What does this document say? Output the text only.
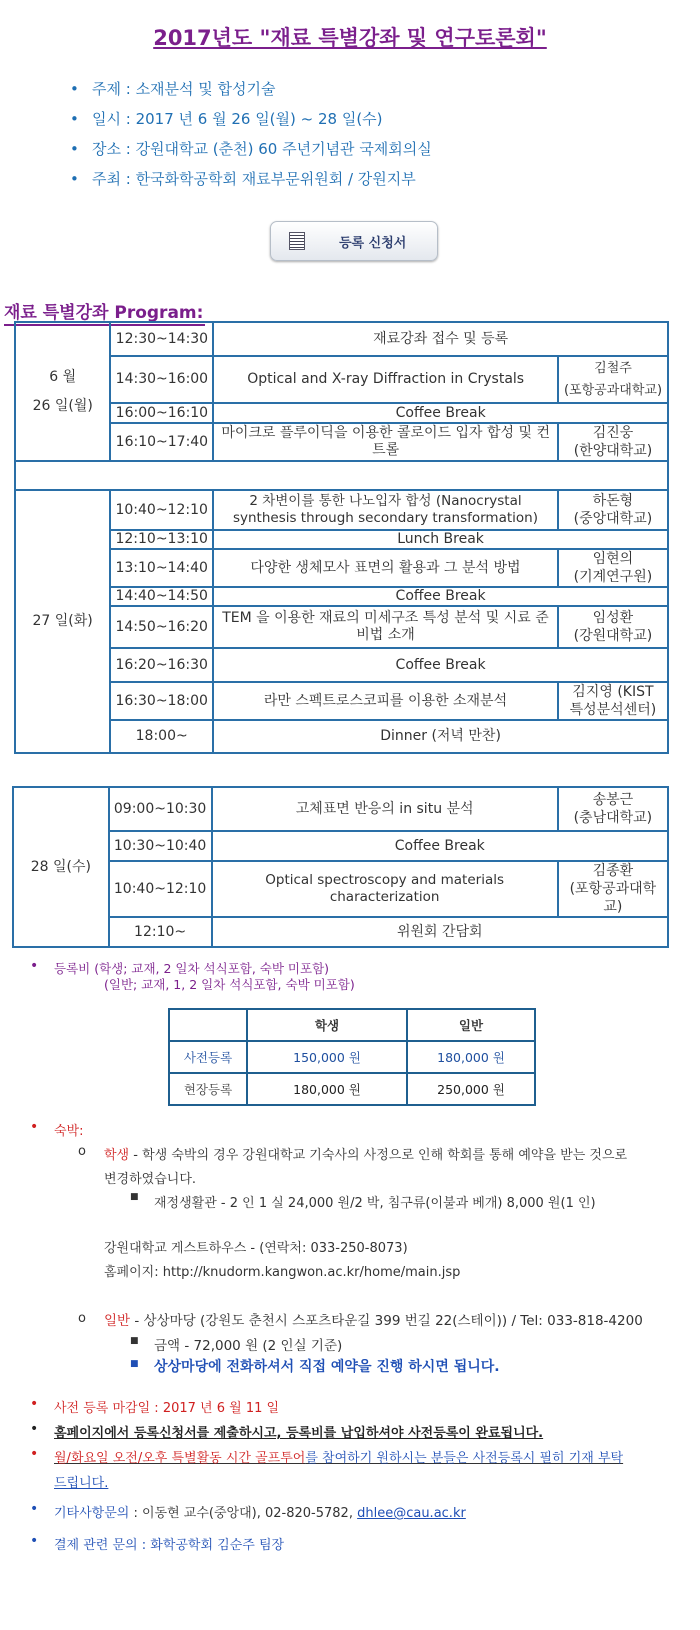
2017년도 "재료 특별강좌 및 연구토론회"
• 주제 : 소재분석 및 합성기술
• 일시 : 2017 년 6 월 26 일(월) ~ 28 일(수)
• 장소 : 강원대학교 (춘천) 60 주년기념관 국제회의실
• 주최 : 한국화학공학회 재료부문위원회 / 강원지부
등록 신청서
재료 특별강좌 Program:
6 월
26 일(월)	12:30~14:30	재료강좌 접수 및 등록	
	14:30~16:00	Optical and X-ray Diffraction in Crystals	김철주
(포항공과대학교)
	16:00~16:10	Coffee Break	
	16:10~17:40	마이크로 플루이딕을 이용한 콜로이드 입자 합성 및 컨트롤	김진웅
(한양대학교)
27 일(화)	10:40~12:10	2 차변이를 통한 나노입자 합성 (Nanocrystal synthesis through secondary transformation)	하돈형
(중앙대학교)
	12:10~13:10	Lunch Break	
	13:10~14:40	다양한 생체모사 표면의 활용과 그 분석 방법	임현의
(기계연구원)
	14:40~14:50	Coffee Break	
	14:50~16:20	TEM 을 이용한 재료의 미세구조 특성 분석 및 시료 준비법 소개	임성환
(강원대학교)
	16:20~16:30	Coffee Break	
	16:30~18:00	라만 스펙트로스코피를 이용한 소재분석	김지영 (KIST
특성분석센터)
	18:00~	Dinner (저녁 만찬)	
28 일(수)	09:00~10:30	고체표면 반응의 in situ 분석	송봉근
(충남대학교)
	10:30~10:40	Coffee Break	
	10:40~12:10	Optical spectroscopy and materials characterization	김종환
(포항공과대학교)
	12:10~	위원회 간담회	
• 등록비 (학생; 교재, 2 일차 석식포함, 숙박 미포함)
(일반; 교재, 1, 2 일차 석식포함, 숙박 미포함)
	학생	일반
사전등록	150,000 원	180,000 원
현장등록	180,000 원	250,000 원
• 숙박:
o 학생 - 학생 숙박의 경우 강원대학교 기숙사의 사정으로 인해 학회를 통해 예약을 받는 것으로
변경하였습니다.
■ 재정생활관 - 2 인 1 실 24,000 원/2 박, 침구류(이불과 베개) 8,000 원(1 인)
강원대학교 게스트하우스 - (연락처: 033-250-8073)
홈페이지: http://knudorm.kangwon.ac.kr/home/main.jsp
o 일반 - 상상마당 (강원도 춘천시 스포츠타운길 399 번길 22(스테이)) / Tel: 033-818-4200
■ 금액 - 72,000 원 (2 인실 기준)
■ 상상마당에 전화하셔서 직접 예약을 진행 하시면 됩니다.
• 사전 등록 마감일 : 2017 년 6 월 11 일
• 홈페이지에서 등록신청서를 제출하시고, 등록비를 납입하셔야 사전등록이 완료됩니다.
• 월/화요일 오전/오후 특별활동 시간 골프투어를 참여하기 원하시는 분들은 사전등록시 필히 기재 부탁
드립니다.
• 기타사항문의 : 이동현 교수(중앙대), 02-820-5782, dhlee@cau.ac.kr
• 결제 관련 문의 : 화학공학회 김순주 팀장
